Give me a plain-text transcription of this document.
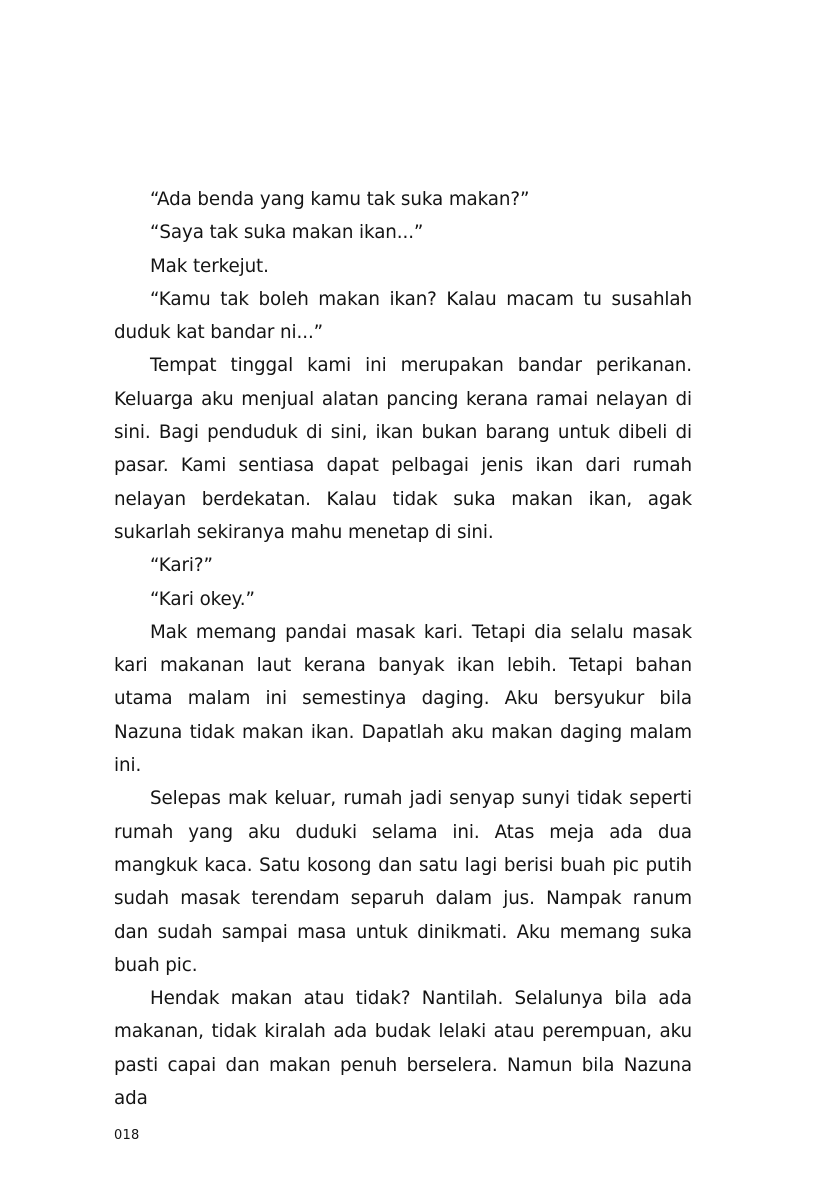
“Ada benda yang kamu tak suka makan?”

“Saya tak suka makan ikan...”

Mak terkejut.

“Kamu tak boleh makan ikan? Kalau macam tu susahlah duduk kat bandar ni...”

Tempat tinggal kami ini merupakan bandar perikanan. Keluarga aku menjual alatan pancing kerana ramai nelayan di sini. Bagi penduduk di sini, ikan bukan barang untuk dibeli di pasar. Kami sentiasa dapat pelbagai jenis ikan dari rumah nelayan berdekatan. Kalau tidak suka makan ikan, agak sukarlah sekiranya mahu menetap di sini.

“Kari?”

“Kari okey.”

Mak memang pandai masak kari. Tetapi dia selalu masak kari makanan laut kerana banyak ikan lebih. Tetapi bahan utama malam ini semestinya daging. Aku bersyukur bila Nazuna tidak makan ikan. Dapatlah aku makan daging malam ini.

Selepas mak keluar, rumah jadi senyap sunyi tidak seperti rumah yang aku duduki selama ini. Atas meja ada dua mangkuk kaca. Satu kosong dan satu lagi berisi buah pic putih sudah masak terendam separuh dalam jus. Nampak ranum dan sudah sampai masa untuk dinikmati. Aku memang suka buah pic.

Hendak makan atau tidak? Nantilah. Selalunya bila ada makanan, tidak kiralah ada budak lelaki atau perempuan, aku pasti capai dan makan penuh berselera. Namun bila Nazuna ada

018
